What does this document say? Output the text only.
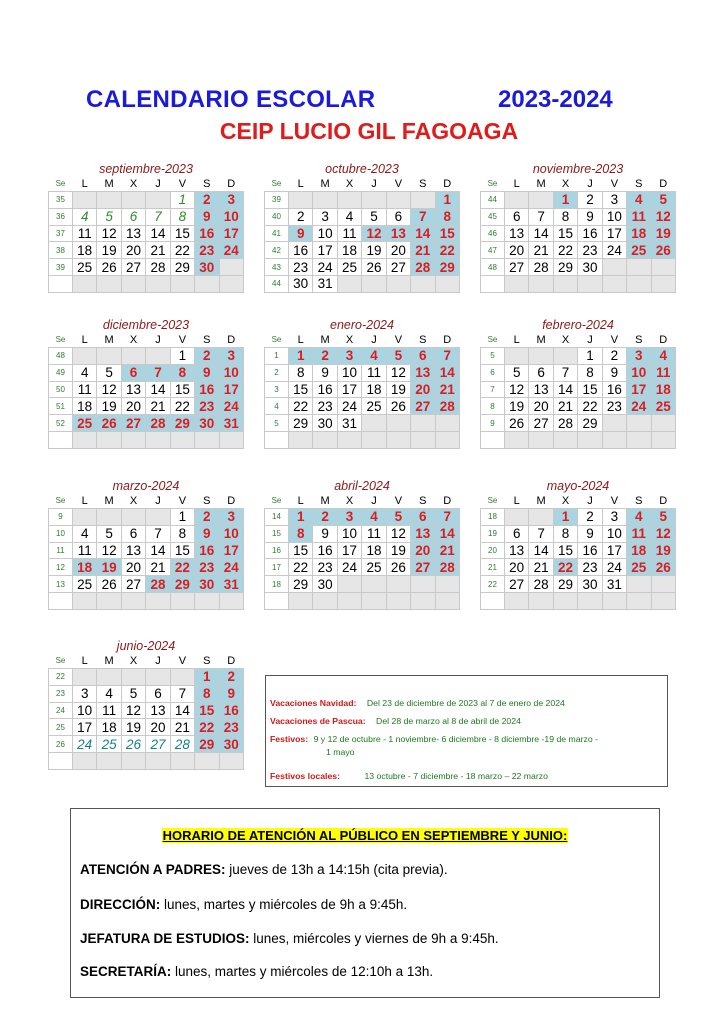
CALENDARIO ESCOLAR	2023-2024
CEIP LUCIO GIL FAGOAGA
septiembre-2023
Se	L	M	X	J	V	S	D
35					1	2	3
36	4	5	6	7	8	9	10
37	11	12	13	14	15	16	17
38	18	19	20	21	22	23	24
39	25	26	27	28	29	30	

octubre-2023
Se	L	M	X	J	V	S	D
39							1
40	2	3	4	5	6	7	8
41	9	10	11	12	13	14	15
42	16	17	18	19	20	21	22
43	23	24	25	26	27	28	29
44	30	31					
noviembre-2023
Se	L	M	X	J	V	S	D
44			1	2	3	4	5
45	6	7	8	9	10	11	12
46	13	14	15	16	17	18	19
47	20	21	22	23	24	25	26
48	27	28	29	30			

diciembre-2023
Se	L	M	X	J	V	S	D
48					1	2	3
49	4	5	6	7	8	9	10
50	11	12	13	14	15	16	17
51	18	19	20	21	22	23	24
52	25	26	27	28	29	30	31

enero-2024
Se	L	M	X	J	V	S	D
1	1	2	3	4	5	6	7
2	8	9	10	11	12	13	14
3	15	16	17	18	19	20	21
4	22	23	24	25	26	27	28
5	29	30	31				

febrero-2024
Se	L	M	X	J	V	S	D
5				1	2	3	4
6	5	6	7	8	9	10	11
7	12	13	14	15	16	17	18
8	19	20	21	22	23	24	25
9	26	27	28	29			

marzo-2024
Se	L	M	X	J	V	S	D
9					1	2	3
10	4	5	6	7	8	9	10
11	11	12	13	14	15	16	17
12	18	19	20	21	22	23	24
13	25	26	27	28	29	30	31

abril-2024
Se	L	M	X	J	V	S	D
14	1	2	3	4	5	6	7
15	8	9	10	11	12	13	14
16	15	16	17	18	19	20	21
17	22	23	24	25	26	27	28
18	29	30					

mayo-2024
Se	L	M	X	J	V	S	D
18			1	2	3	4	5
19	6	7	8	9	10	11	12
20	13	14	15	16	17	18	19
21	20	21	22	23	24	25	26
22	27	28	29	30	31		

junio-2024
Se	L	M	X	J	V	S	D
22						1	2
23	3	4	5	6	7	8	9
24	10	11	12	13	14	15	16
25	17	18	19	20	21	22	23
26	24	25	26	27	28	29	30

Vacaciones Navidad: Del 23 de diciembre de 2023 al 7 de enero de 2024
Vacaciones de Pascua: Del 28 de marzo al 8 de abril de 2024
Festivos: 9 y 12 de octubre - 1 noviembre- 6 diciembre - 8 diciembre -19 de marzo -
1 mayo
Festivos locales:	13 octubre - 7 diciembre - 18 marzo – 22 marzo
HORARIO DE ATENCIÓN AL PÚBLICO EN SEPTIEMBRE Y JUNIO:
ATENCIÓN A PADRES: jueves de 13h a 14:15h (cita previa).
DIRECCIÓN: lunes, martes y miércoles de 9h a 9:45h.
JEFATURA DE ESTUDIOS: lunes, miércoles y viernes de 9h a 9:45h.
SECRETARÍA: lunes, martes y miércoles de 12:10h a 13h.
